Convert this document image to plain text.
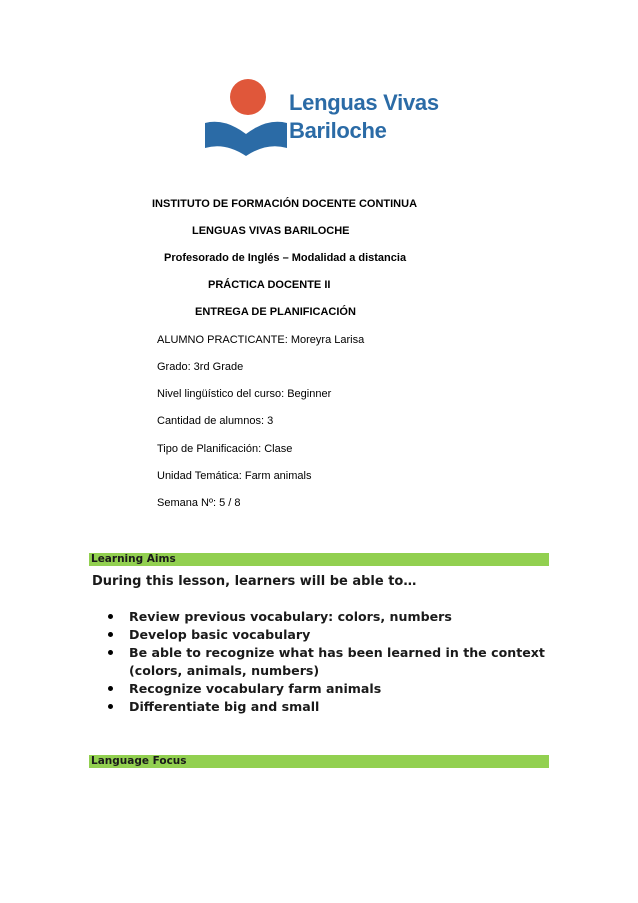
Lenguas Vivas
Bariloche
INSTITUTO DE FORMACIÓN DOCENTE CONTINUA
LENGUAS VIVAS BARILOCHE
Profesorado de Inglés – Modalidad a distancia
PRÁCTICA DOCENTE II
ENTREGA DE PLANIFICACIÓN
ALUMNO PRACTICANTE: Moreyra Larisa
Grado: 3rd Grade
Nivel lingüístico del curso: Beginner
Cantidad de alumnos: 3
Tipo de Planificación: Clase
Unidad Temática: Farm animals
Semana Nº: 5 / 8
Learning Aims
During this lesson, learners will be able to…
Review previous vocabulary: colors, numbers
Develop basic vocabulary
Be able to recognize what has been learned in the context (colors, animals, numbers)
Recognize vocabulary farm animals
Differentiate big and small
Language Focus
